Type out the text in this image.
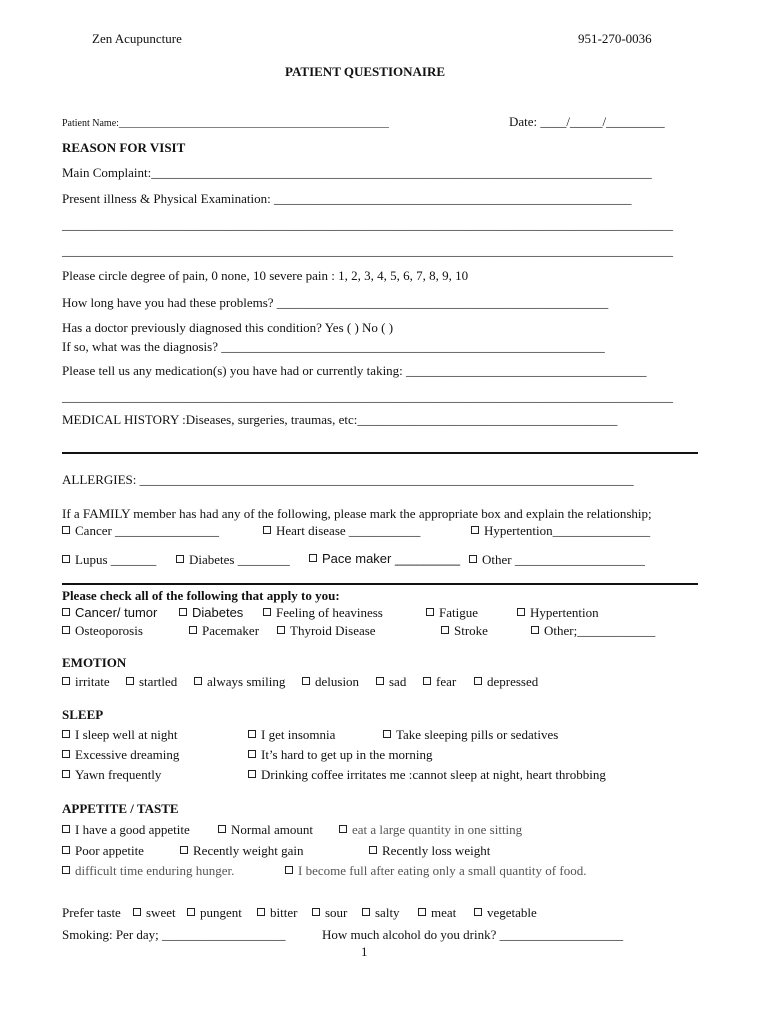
Zen Acupuncture	951-270-0036
PATIENT QUESTIONAIRE
Patient Name:______________________________________________________	Date: ____/_____/_________
REASON FOR VISIT
Main Complaint:_____________________________________________________________________________
Present illness & Physical Examination: _______________________________________________________
______________________________________________________________________________________________
______________________________________________________________________________________________
Please circle degree of pain, 0 none, 10 severe pain : 1, 2, 3, 4, 5, 6, 7, 8, 9, 10
How long have you had these problems? ___________________________________________________
Has a doctor previously diagnosed this condition? Yes ( ) No ( )
If so, what was the diagnosis? ___________________________________________________________
Please tell us any medication(s) you have had or currently taking: _____________________________________
______________________________________________________________________________________________
MEDICAL HISTORY :Diseases, surgeries, traumas, etc:________________________________________
ALLERGIES: ____________________________________________________________________________
If a FAMILY member has had any of the following, please mark the appropriate box and explain the relationship;
Cancer ________________	Heart disease ___________	Hypertention_______________
Lupus _______	Diabetes ________	Pace maker _________	Other ____________________
Please check all of the following that apply to you:
Cancer/ tumor	Diabetes	Feeling of heaviness	Fatigue	Hypertention
Osteoporosis	Pacemaker	Thyroid Disease	Stroke	Other;____________
EMOTION
irritate	startled	always smiling	delusion	sad	fear	depressed
SLEEP
I sleep well at night	I get insomnia	Take sleeping pills or sedatives
Excessive dreaming	It’s hard to get up in the morning
Yawn frequently	Drinking coffee irritates me :cannot sleep at night, heart throbbing
APPETITE / TASTE
I have a good appetite	Normal amount	eat a large quantity in one sitting
Poor appetite	Recently weight gain	Recently loss weight
difficult time enduring hunger.	I become full after eating only a small quantity of food.
Prefer taste	sweet	pungent	bitter	sour	salty	meat	vegetable
Smoking: Per day; ___________________	How much alcohol do you drink? ___________________
1
